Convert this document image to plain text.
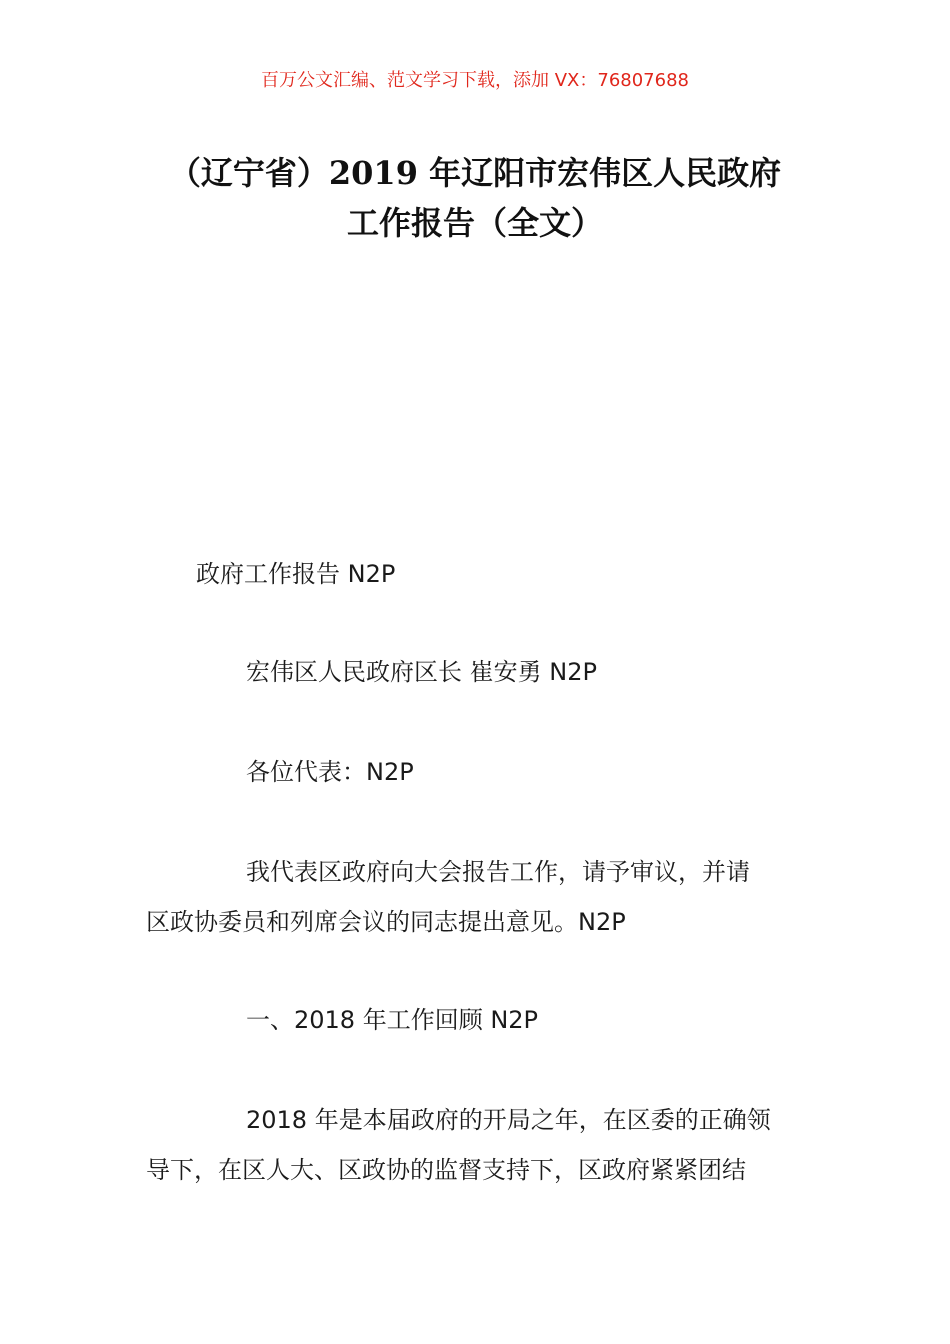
百万公文汇编、范文学习下载，添加 VX：76807688
（辽宁省）2019 年辽阳市宏伟区人民政府
工作报告（全文）
政府工作报告 N2P
宏伟区人民政府区长 崔安勇 N2P
各位代表：N2P
我代表区政府向大会报告工作，请予审议，并请
区政协委员和列席会议的同志提出意见。N2P
一、2018 年工作回顾 N2P
2018 年是本届政府的开局之年，在区委的正确领
导下，在区人大、区政协的监督支持下，区政府紧紧团结
